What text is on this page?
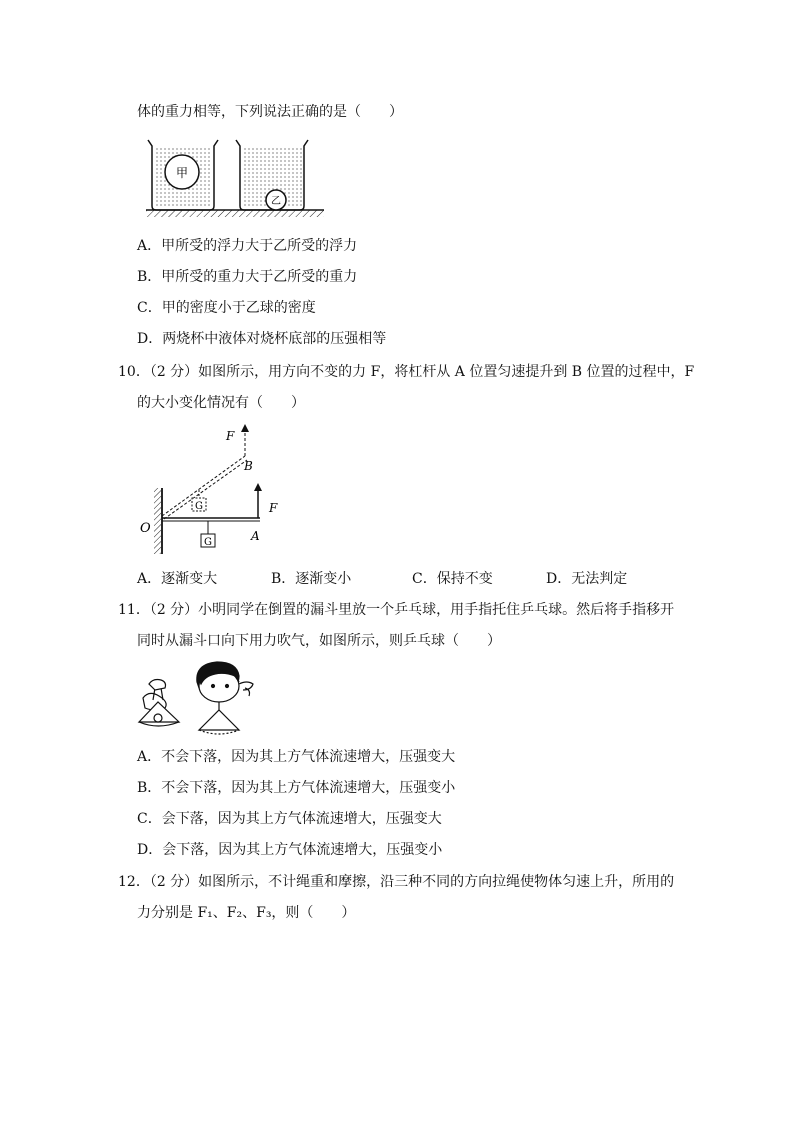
体的重力相等，下列说法正确的是（　　）
甲
乙
A．甲所受的浮力大于乙所受的浮力
B．甲所受的重力大于乙所受的重力
C．甲的密度小于乙球的密度
D．两烧杯中液体对烧杯底部的压强相等
10．（2 分）如图所示，用方向不变的力 F，将杠杆从 A 位置匀速提升到 B 位置的过程中，F
的大小变化情况有（　　）
G
G
F
B
F
O	A
A．逐渐变大	B．逐渐变小	C．保持不变	D．无法判定
11．（2 分）小明同学在倒置的漏斗里放一个乒乓球，用手指托住乒乓球。然后将手指移开
同时从漏斗口向下用力吹气，如图所示，则乒乓球（　　）
A．不会下落，因为其上方气体流速增大，压强变大
B．不会下落，因为其上方气体流速增大，压强变小
C．会下落，因为其上方气体流速增大，压强变大
D．会下落，因为其上方气体流速增大，压强变小
12．（2 分）如图所示，不计绳重和摩擦，沿三种不同的方向拉绳使物体匀速上升，所用的
力分别是 F₁、F₂、F₃，则（　　）
